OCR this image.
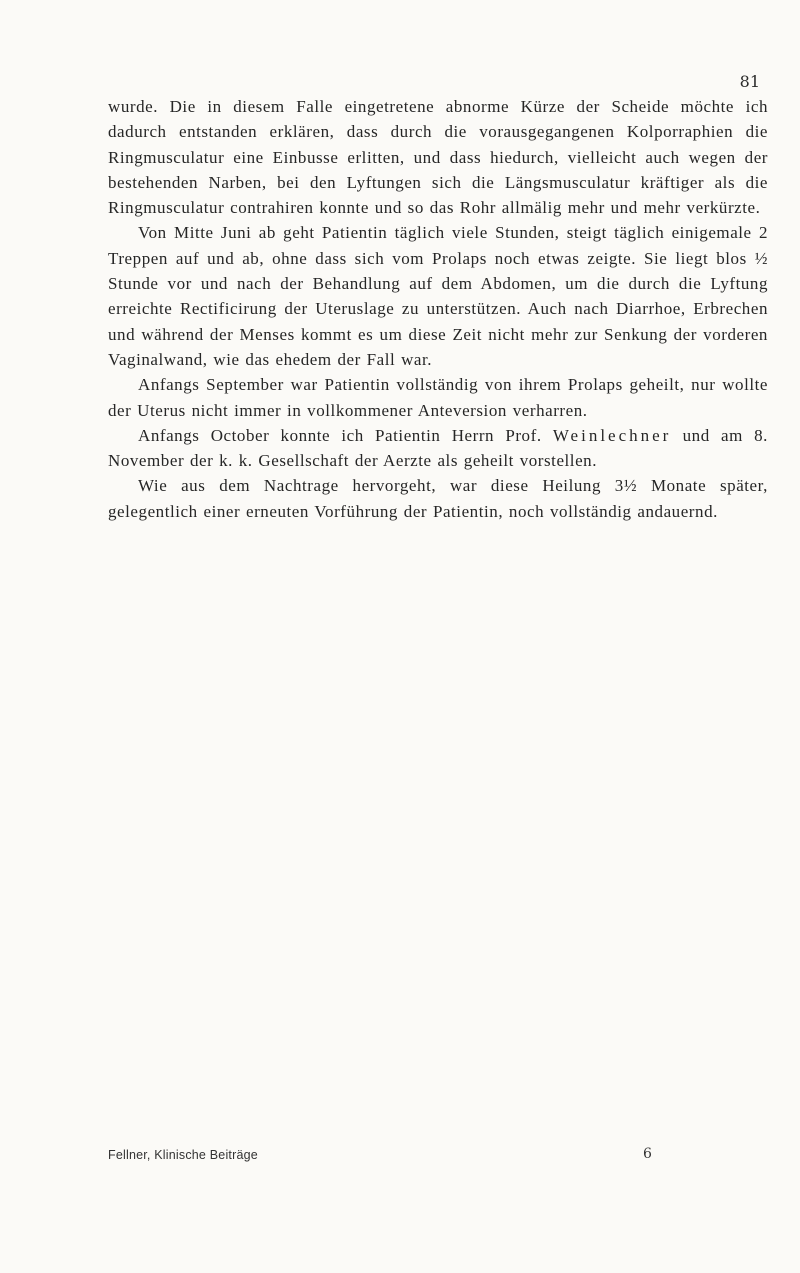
81

wurde. Die in diesem Falle eingetretene abnorme Kürze der Scheide möchte ich dadurch entstanden erklären, dass durch die vorausgegangenen Kolporraphien die Ringmusculatur eine Einbusse erlitten, und dass hiedurch, vielleicht auch wegen der bestehenden Narben, bei den Lyftungen sich die Längsmusculatur kräftiger als die Ringmusculatur contrahiren konnte und so das Rohr allmälig mehr und mehr verkürzte.

Von Mitte Juni ab geht Patientin täglich viele Stunden, steigt täglich einigemale 2 Treppen auf und ab, ohne dass sich vom Prolaps noch etwas zeigte. Sie liegt blos ½ Stunde vor und nach der Behandlung auf dem Abdomen, um die durch die Lyftung erreichte Rectificirung der Uteruslage zu unterstützen. Auch nach Diarrhoe, Erbrechen und während der Menses kommt es um diese Zeit nicht mehr zur Senkung der vorderen Vaginalwand, wie das ehedem der Fall war.

Anfangs September war Patientin vollständig von ihrem Prolaps geheilt, nur wollte der Uterus nicht immer in vollkommener Anteversion verharren.

Anfangs October konnte ich Patientin Herrn Prof. Weinlechner und am 8. November der k. k. Gesellschaft der Aerzte als geheilt vorstellen.

Wie aus dem Nachtrage hervorgeht, war diese Heilung 3½ Monate später, gelegentlich einer erneuten Vorführung der Patientin, noch vollständig andauernd.

Fellner, Klinische Beiträge	6
